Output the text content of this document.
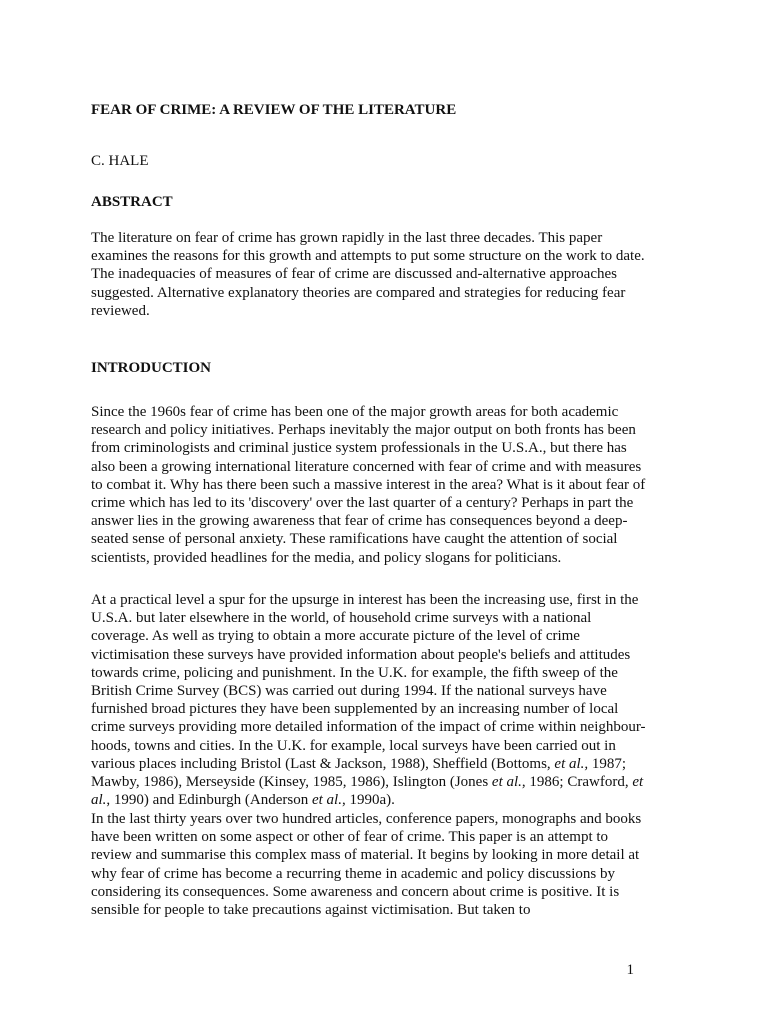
FEAR OF CRIME: A REVIEW OF THE LITERATURE

C. HALE

ABSTRACT

The literature on fear of crime has grown rapidly in the last three decades. This paper examines the reasons for this growth and attempts to put some structure on the work to date. The inadequacies of measures of fear of crime are discussed and-alternative approaches suggested. Alternative explanatory theories are compared and strategies for reducing fear reviewed.

INTRODUCTION

Since the 1960s fear of crime has been one of the major growth areas for both academic research and policy initiatives. Perhaps inevitably the major output on both fronts has been from criminologists and criminal justice system professionals in the U.S.A., but there has also been a growing international literature concerned with fear of crime and with measures to combat it. Why has there been such a massive interest in the area? What is it about fear of crime which has led to its 'discovery' over the last quarter of a century? Perhaps in part the answer lies in the growing awareness that fear of crime has consequences beyond a deep-seated sense of personal anxiety. These ramifications have caught the attention of social scientists, provided headlines for the media, and policy slogans for politicians.

At a practical level a spur for the upsurge in interest has been the increasing use, first in the U.S.A. but later elsewhere in the world, of household crime surveys with a national coverage. As well as trying to obtain a more accurate picture of the level of crime victimisation these surveys have provided information about people's beliefs and attitudes towards crime, policing and punishment. In the U.K. for example, the fifth sweep of the British Crime Survey (BCS) was carried out during 1994. If the national surveys have furnished broad pictures they have been supplemented by an increasing number of local crime surveys providing more detailed information of the impact of crime within neighbour-hoods, towns and cities. In the U.K. for example, local surveys have been carried out in various places including Bristol (Last & Jackson, 1988), Sheffield (Bottoms, et al., 1987; Mawby, 1986), Merseyside (Kinsey, 1985, 1986), Islington (Jones et al., 1986; Crawford, et al., 1990) and Edinburgh (Anderson et al., 1990a).

In the last thirty years over two hundred articles, conference papers, monographs and books have been written on some aspect or other of fear of crime. This paper is an attempt to review and summarise this complex mass of material. It begins by looking in more detail at why fear of crime has become a recurring theme in academic and policy discussions by considering its consequences. Some awareness and concern about crime is positive. It is sensible for people to take precautions against victimisation. But taken to

1
